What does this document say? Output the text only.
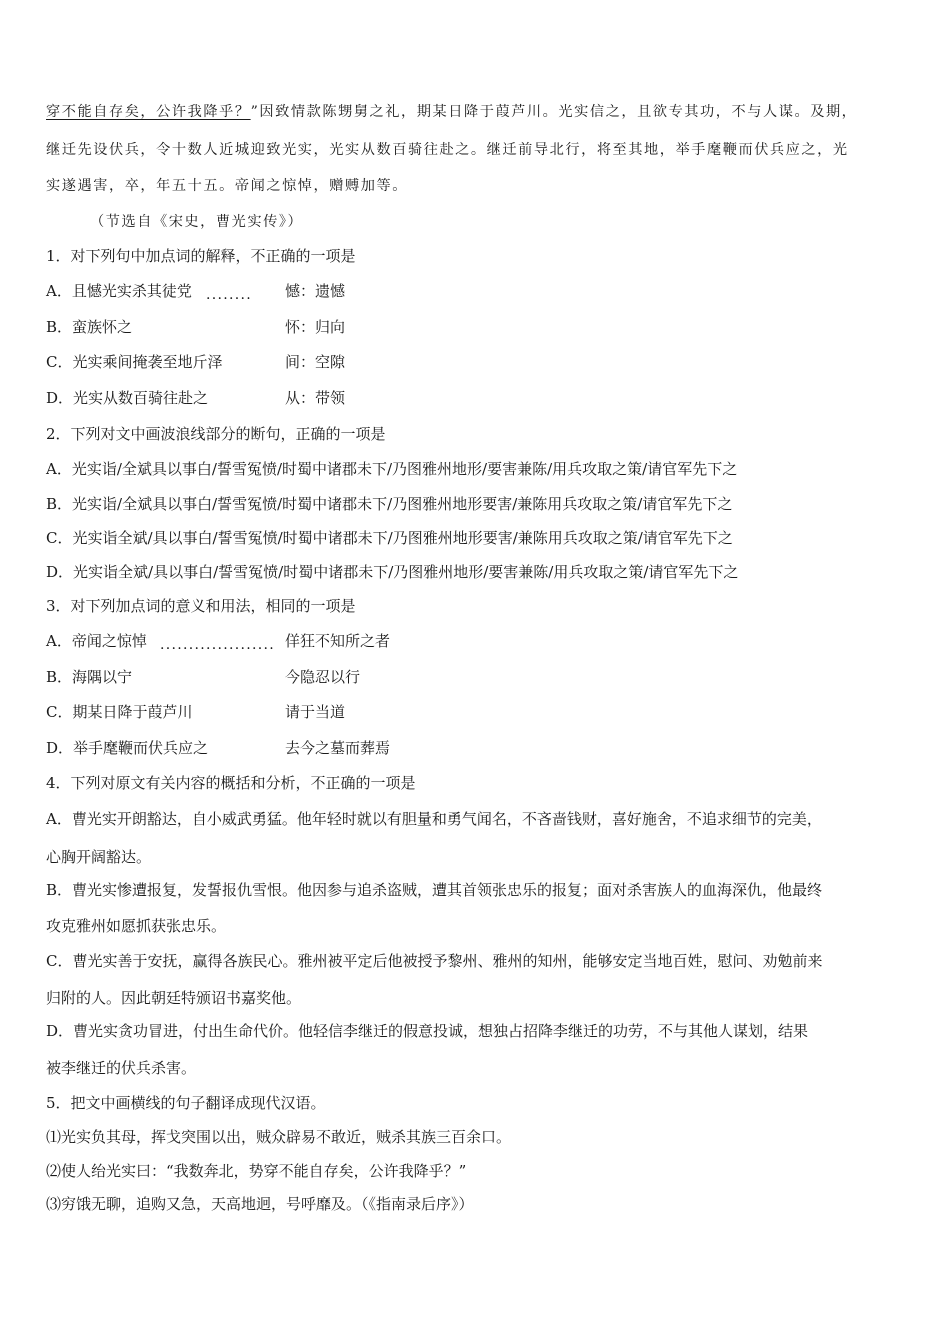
穿不能自存矣，公许我降乎？”因致情款陈甥舅之礼，期某日降于葭芦川。光实信之，且欲专其功，不与人谋。及期，
继迁先设伏兵，令十数人近城迎致光实，光实从数百骑往赴之。继迁前导北行，将至其地，举手麾鞭而伏兵应之，光
实遂遇害，卒，年五十五。帝闻之惊悼，赠赙加等。
（节选自《宋史，曹光实传》）
1．对下列句中加点词的解释，不正确的一项是
A．且憾光实杀其徒党 ........ 憾：遗憾
B．蛮族怀之	怀：归向
C．光实乘间掩袭至地斤泽	间：空隙
D．光实从数百骑往赴之	从：带领
2．下列对文中画波浪线部分的断句，正确的一项是
A．光实诣/全斌具以事白/誓雪冤愤/时蜀中诸郡未下/乃图雅州地形/要害兼陈/用兵攻取之策/请官军先下之
B．光实诣/全斌具以事白/誓雪冤愤/时蜀中诸郡未下/乃图雅州地形要害/兼陈用兵攻取之策/请官军先下之
C．光实诣全斌/具以事白/誓雪冤愤/时蜀中诸郡未下/乃图雅州地形要害/兼陈用兵攻取之策/请官军先下之
D．光实诣全斌/具以事白/誓雪冤愤/时蜀中诸郡未下/乃图雅州地形/要害兼陈/用兵攻取之策/请官军先下之
3．对下列加点词的意义和用法，相同的一项是
A．帝闻之惊悼 .................... 佯狂不知所之者
B．海隅以宁	今隐忍以行
C．期某日降于葭芦川	请于当道
D．举手麾鞭而伏兵应之	去今之墓而葬焉
4．下列对原文有关内容的概括和分析，不正确的一项是
A．曹光实开朗豁达，自小威武勇猛。他年轻时就以有胆量和勇气闻名，不吝啬钱财，喜好施舍，不追求细节的完美，
心胸开阔豁达。
B．曹光实惨遭报复，发誓报仇雪恨。他因参与追杀盗贼，遭其首领张忠乐的报复；面对杀害族人的血海深仇，他最终
攻克雅州如愿抓获张忠乐。
C．曹光实善于安抚，赢得各族民心。雅州被平定后他被授予黎州、雅州的知州，能够安定当地百姓，慰问、劝勉前来
归附的人。因此朝廷特颁诏书嘉奖他。
D．曹光实贪功冒进，付出生命代价。他轻信李继迁的假意投诚，想独占招降李继迁的功劳，不与其他人谋划，结果
被李继迁的伏兵杀害。
5．把文中画横线的句子翻译成现代汉语。
⑴光实负其母，挥戈突围以出，贼众辟易不敢近，贼杀其族三百余口。
⑵使人绐光实曰：“我数奔北，势穿不能自存矣，公许我降乎？”
⑶穷饿无聊，追购又急，天高地迥，号呼靡及。（《指南录后序》）
